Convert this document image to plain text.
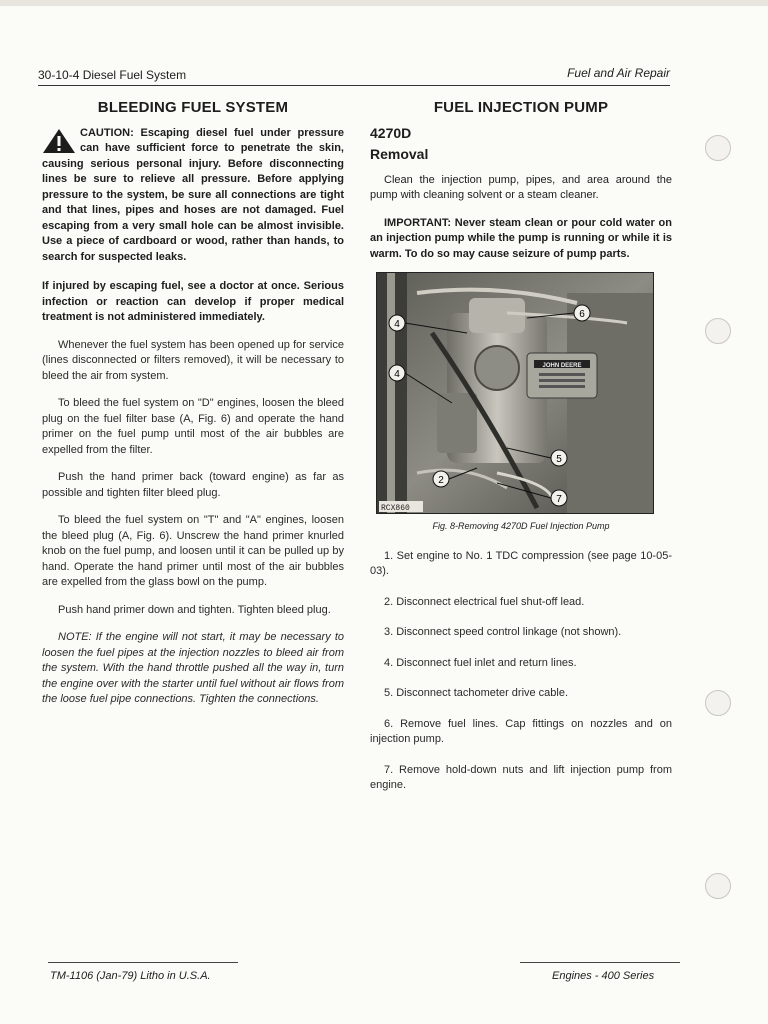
30-10-4 Diesel Fuel System	Fuel and Air Repair
BLEEDING FUEL SYSTEM
CAUTION: Escaping diesel fuel under pressure can have sufficient force to penetrate the skin, causing serious personal injury. Before disconnecting lines be sure to relieve all pressure. Before applying pressure to the system, be sure all connections are tight and that lines, pipes and hoses are not damaged. Fuel escaping from a very small hole can be almost invisible. Use a piece of cardboard or wood, rather than hands, to search for suspected leaks.

If injured by escaping fuel, see a doctor at once. Serious infection or reaction can develop if proper medical treatment is not administered immediately.

Whenever the fuel system has been opened up for service (lines disconnected or filters removed), it will be necessary to bleed the air from system.

To bleed the fuel system on "D" engines, loosen the bleed plug on the fuel filter base (A, Fig. 6) and operate the hand primer on the fuel pump until most of the air bubbles are expelled from the filter.

Push the hand primer back (toward engine) as far as possible and tighten filter bleed plug.

To bleed the fuel system on "T" and "A" engines, loosen the bleed plug (A, Fig. 6). Unscrew the hand primer knurled knob on the fuel pump, and loosen until it can be pulled up by hand. Operate the hand primer until most of the air bubbles are expelled from the glass bowl on the pump.

Push hand primer down and tighten. Tighten bleed plug.

NOTE: If the engine will not start, it may be necessary to loosen the fuel pipes at the injection nozzles to bleed air from the system. With the hand throttle pushed all the way in, turn the engine over with the starter until fuel without air flows from the loose fuel pipe connections. Tighten the connections.

FUEL INJECTION PUMP
4270D
Removal

Clean the injection pump, pipes, and area around the pump with cleaning solvent or a steam cleaner.

IMPORTANT: Never steam clean or pour cold water on an injection pump while the pump is running or while it is warm. To do so may cause seizure of pump parts.

JOHN DEERE
4
4
6
5
2
7
RCX860

Fig. 8-Removing 4270D Fuel Injection Pump

1. Set engine to No. 1 TDC compression (see page 10-05-03).
2. Disconnect electrical fuel shut-off lead.
3. Disconnect speed control linkage (not shown).
4. Disconnect fuel inlet and return lines.
5. Disconnect tachometer drive cable.
6. Remove fuel lines. Cap fittings on nozzles and on injection pump.
7. Remove hold-down nuts and lift injection pump from engine.
TM-1106 (Jan-79) Litho in U.S.A.	Engines - 400 Series
